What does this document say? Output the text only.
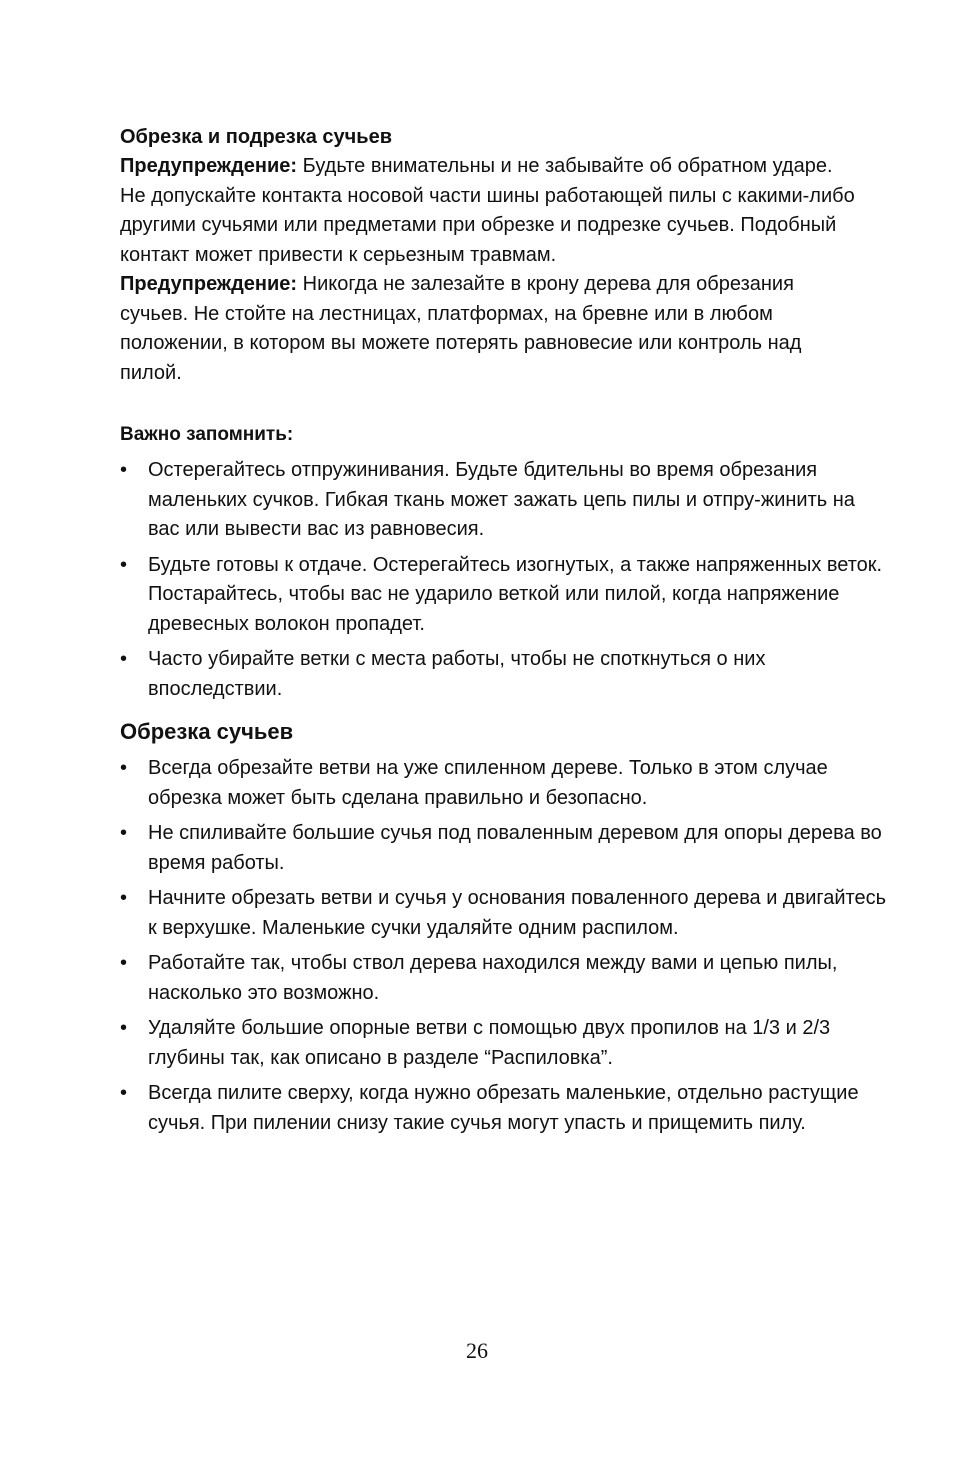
Обрезка и подрезка сучьев

Предупреждение: Будьте внимательны и не забывайте об обратном ударе. Не допускайте контакта носовой части шины работающей пилы с какими-либо другими сучьями или предметами при обрезке и подрезке сучьев. Подобный контакт может привести к серьезным травмам.

Предупреждение: Никогда не залезайте в крону дерева для обрезания сучьев. Не стойте на лестницах, платформах, на бревне или в любом положении, в котором вы можете потерять равновесие или контроль над пилой.

Важно запомнить:
• Остерегайтесь отпружинивания. Будьте бдительны во время обрезания маленьких сучков. Гибкая ткань может зажать цепь пилы и отпру-жинить на вас или вывести вас из равновесия.
• Будьте готовы к отдаче. Остерегайтесь изогнутых, а также напряженных веток. Постарайтесь, чтобы вас не ударило веткой или пилой, когда напряжение древесных волокон пропадет.
• Часто убирайте ветки с места работы, чтобы не споткнуться о них впоследствии.
Обрезка сучьев
• Всегда обрезайте ветви на уже спиленном дереве. Только в этом случае обрезка может быть сделана правильно и безопасно.
• Не спиливайте большие сучья под поваленным деревом для опоры дерева во время работы.
• Начните обрезать ветви и сучья у основания поваленного дерева и двигайтесь к верхушке. Маленькие сучки удаляйте одним распилом.
• Работайте так, чтобы ствол дерева находился между вами и цепью пилы, насколько это возможно.
• Удаляйте большие опорные ветви с помощью двух пропилов на 1/3 и 2/3 глубины так, как описано в разделе “Распиловка”.
• Всегда пилите сверху, когда нужно обрезать маленькие, отдельно растущие сучья. При пилении снизу такие сучья могут упасть и прищемить пилу.
26
